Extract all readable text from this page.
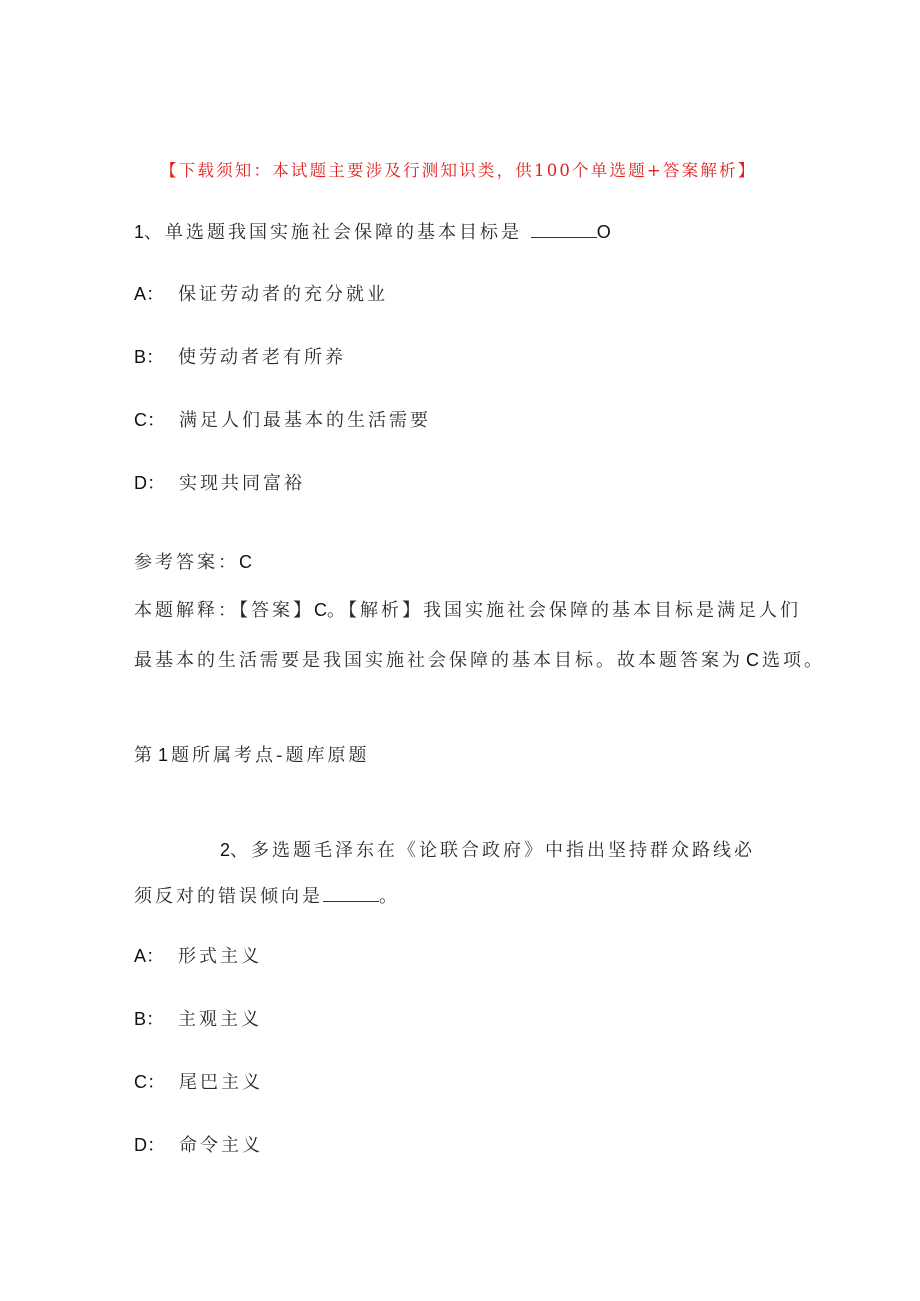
【下载须知：本试题主要涉及行测知识类，供100个单选题+答案解析】
1、单选题我国实施社会保障的基本目标是	O
A： 保证劳动者的充分就业
B： 使劳动者老有所养
C： 满足人们最基本的生活需要
D： 实现共同富裕
参考答案：C
本题解释：【答案】C。【解析】我国实施社会保障的基本目标是满足人们
最基本的生活需要是我国实施社会保障的基本目标。故本题答案为 C 选项。
第 1 题所属考点-题库原题
2、多选题毛泽东在《论联合政府》中指出坚持群众路线必
须反对的错误倾向是	。
A： 形式主义
B： 主观主义
C： 尾巴主义
D： 命令主义
